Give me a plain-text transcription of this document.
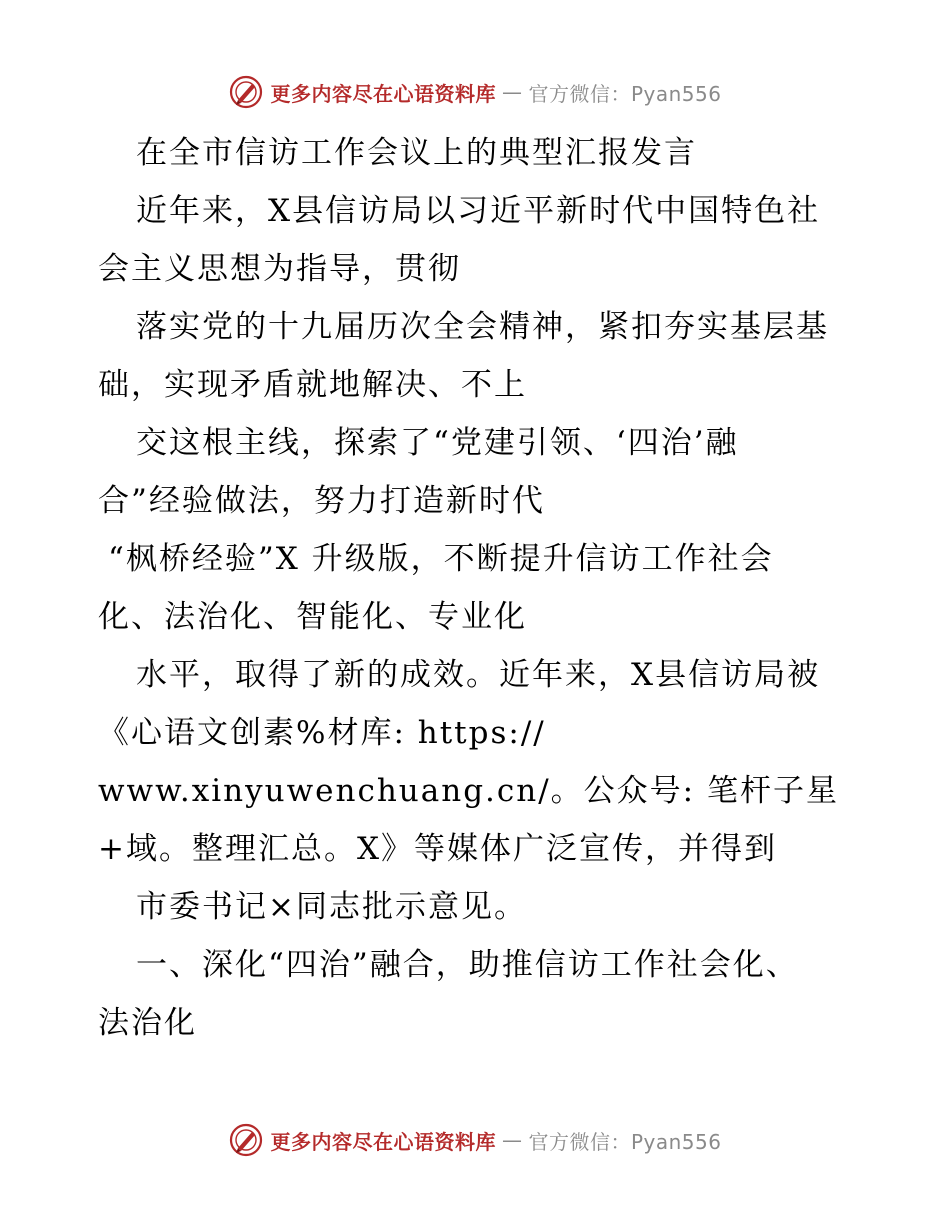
更多内容尽在心语资料库 — 官方微信：Pyan556
在全市信访工作会议上的典型汇报发言
近年来，X县信访局以习近平新时代中国特色社
会主义思想为指导，贯彻
落实党的十九届历次全会精神，紧扣夯实基层基
础，实现矛盾就地解决、不上
交这根主线，探索了“党建引领、‘四治’融
合”经验做法，努力打造新时代
“枫桥经验”X 升级版，不断提升信访工作社会
化、法治化、智能化、专业化
水平，取得了新的成效。近年来，X县信访局被
《心语文创素%材库: https://
www.xinyuwenchuang.cn/。公众号: 笔杆子星
+域。整理汇总。X》等媒体广泛宣传，并得到
市委书记×同志批示意见。
一、深化“四治”融合，助推信访工作社会化、
法治化
更多内容尽在心语资料库 — 官方微信：Pyan556
